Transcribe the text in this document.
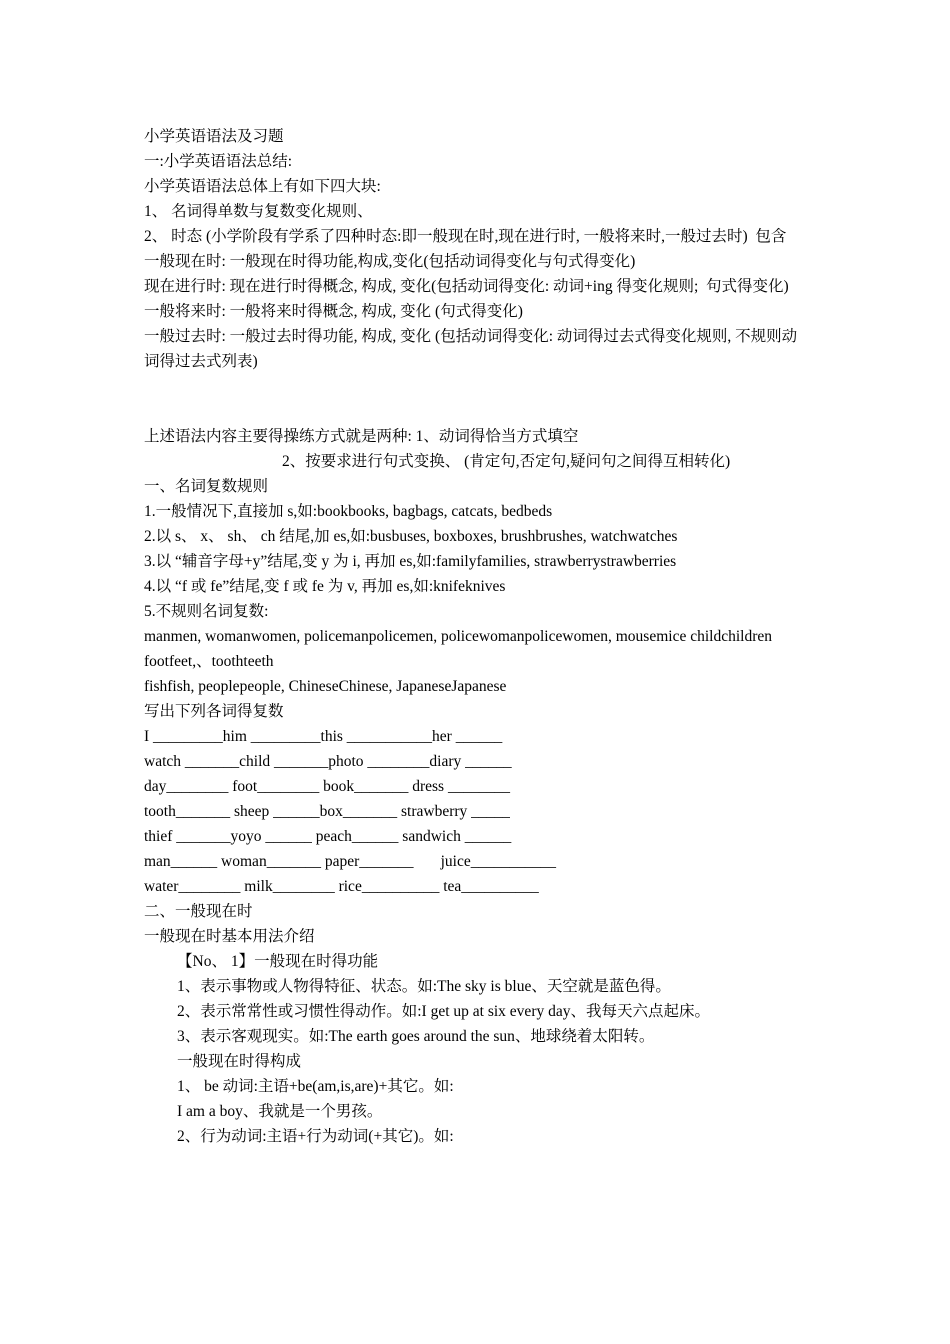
小学英语语法及习题
一:小学英语语法总结:
小学英语语法总体上有如下四大块:
1、 名词得单数与复数变化规则、
2、 时态 (小学阶段有学系了四种时态:即一般现在时,现在进行时, 一般将来时,一般过去时)  包含
一般现在时: 一般现在时得功能,构成,变化(包括动词得变化与句式得变化)
现在进行时: 现在进行时得概念, 构成, 变化(包括动词得变化: 动词+ing 得变化规则;  句式得变化)
一般将来时: 一般将来时得概念, 构成, 变化 (句式得变化)
一般过去时: 一般过去时得功能, 构成, 变化 (包括动词得变化: 动词得过去式得变化规则, 不规则动词得过去式列表)
上述语法内容主要得操练方式就是两种: 1、动词得恰当方式填空
2、按要求进行句式变换、 (肯定句,否定句,疑问句之间得互相转化)
一、名词复数规则
1.一般情况下,直接加 s,如:bookbooks, bagbags, catcats, bedbeds
2.以 s、 x、 sh、 ch 结尾,加 es,如:busbuses, boxboxes, brushbrushes, watchwatches
3.以 “辅音字母+y”结尾,变 y 为 i, 再加 es,如:familyfamilies, strawberrystrawberries
4.以 “f 或 fe”结尾,变 f 或 fe 为 v, 再加 es,如:knifeknives
5.不规则名词复数:
manmen, womanwomen, policemanpolicemen, policewomanpolicewomen, mousemice childchildren
footfeet,、toothteeth
fishfish, peoplepeople, ChineseChinese, JapaneseJapanese
写出下列各词得复数
I _________him _________this ___________her ______
watch _______child _______photo ________diary ______
day________ foot________ book_______ dress ________
tooth_______ sheep ______box_______ strawberry _____
thief _______yoyo ______ peach______ sandwich ______
man______ woman_______ paper_______       juice___________
water________ milk________ rice__________ tea__________
二、一般现在时
一般现在时基本用法介绍
【No、 1】一般现在时得功能
1、表示事物或人物得特征、状态。如:The sky is blue、天空就是蓝色得。
2、表示常常性或习惯性得动作。如:I get up at six every day、我每天六点起床。
3、表示客观现实。如:The earth goes around the sun、地球绕着太阳转。
一般现在时得构成
1、 be 动词:主语+be(am,is,are)+其它。如:
I am a boy、我就是一个男孩。
2、行为动词:主语+行为动词(+其它)。如:
